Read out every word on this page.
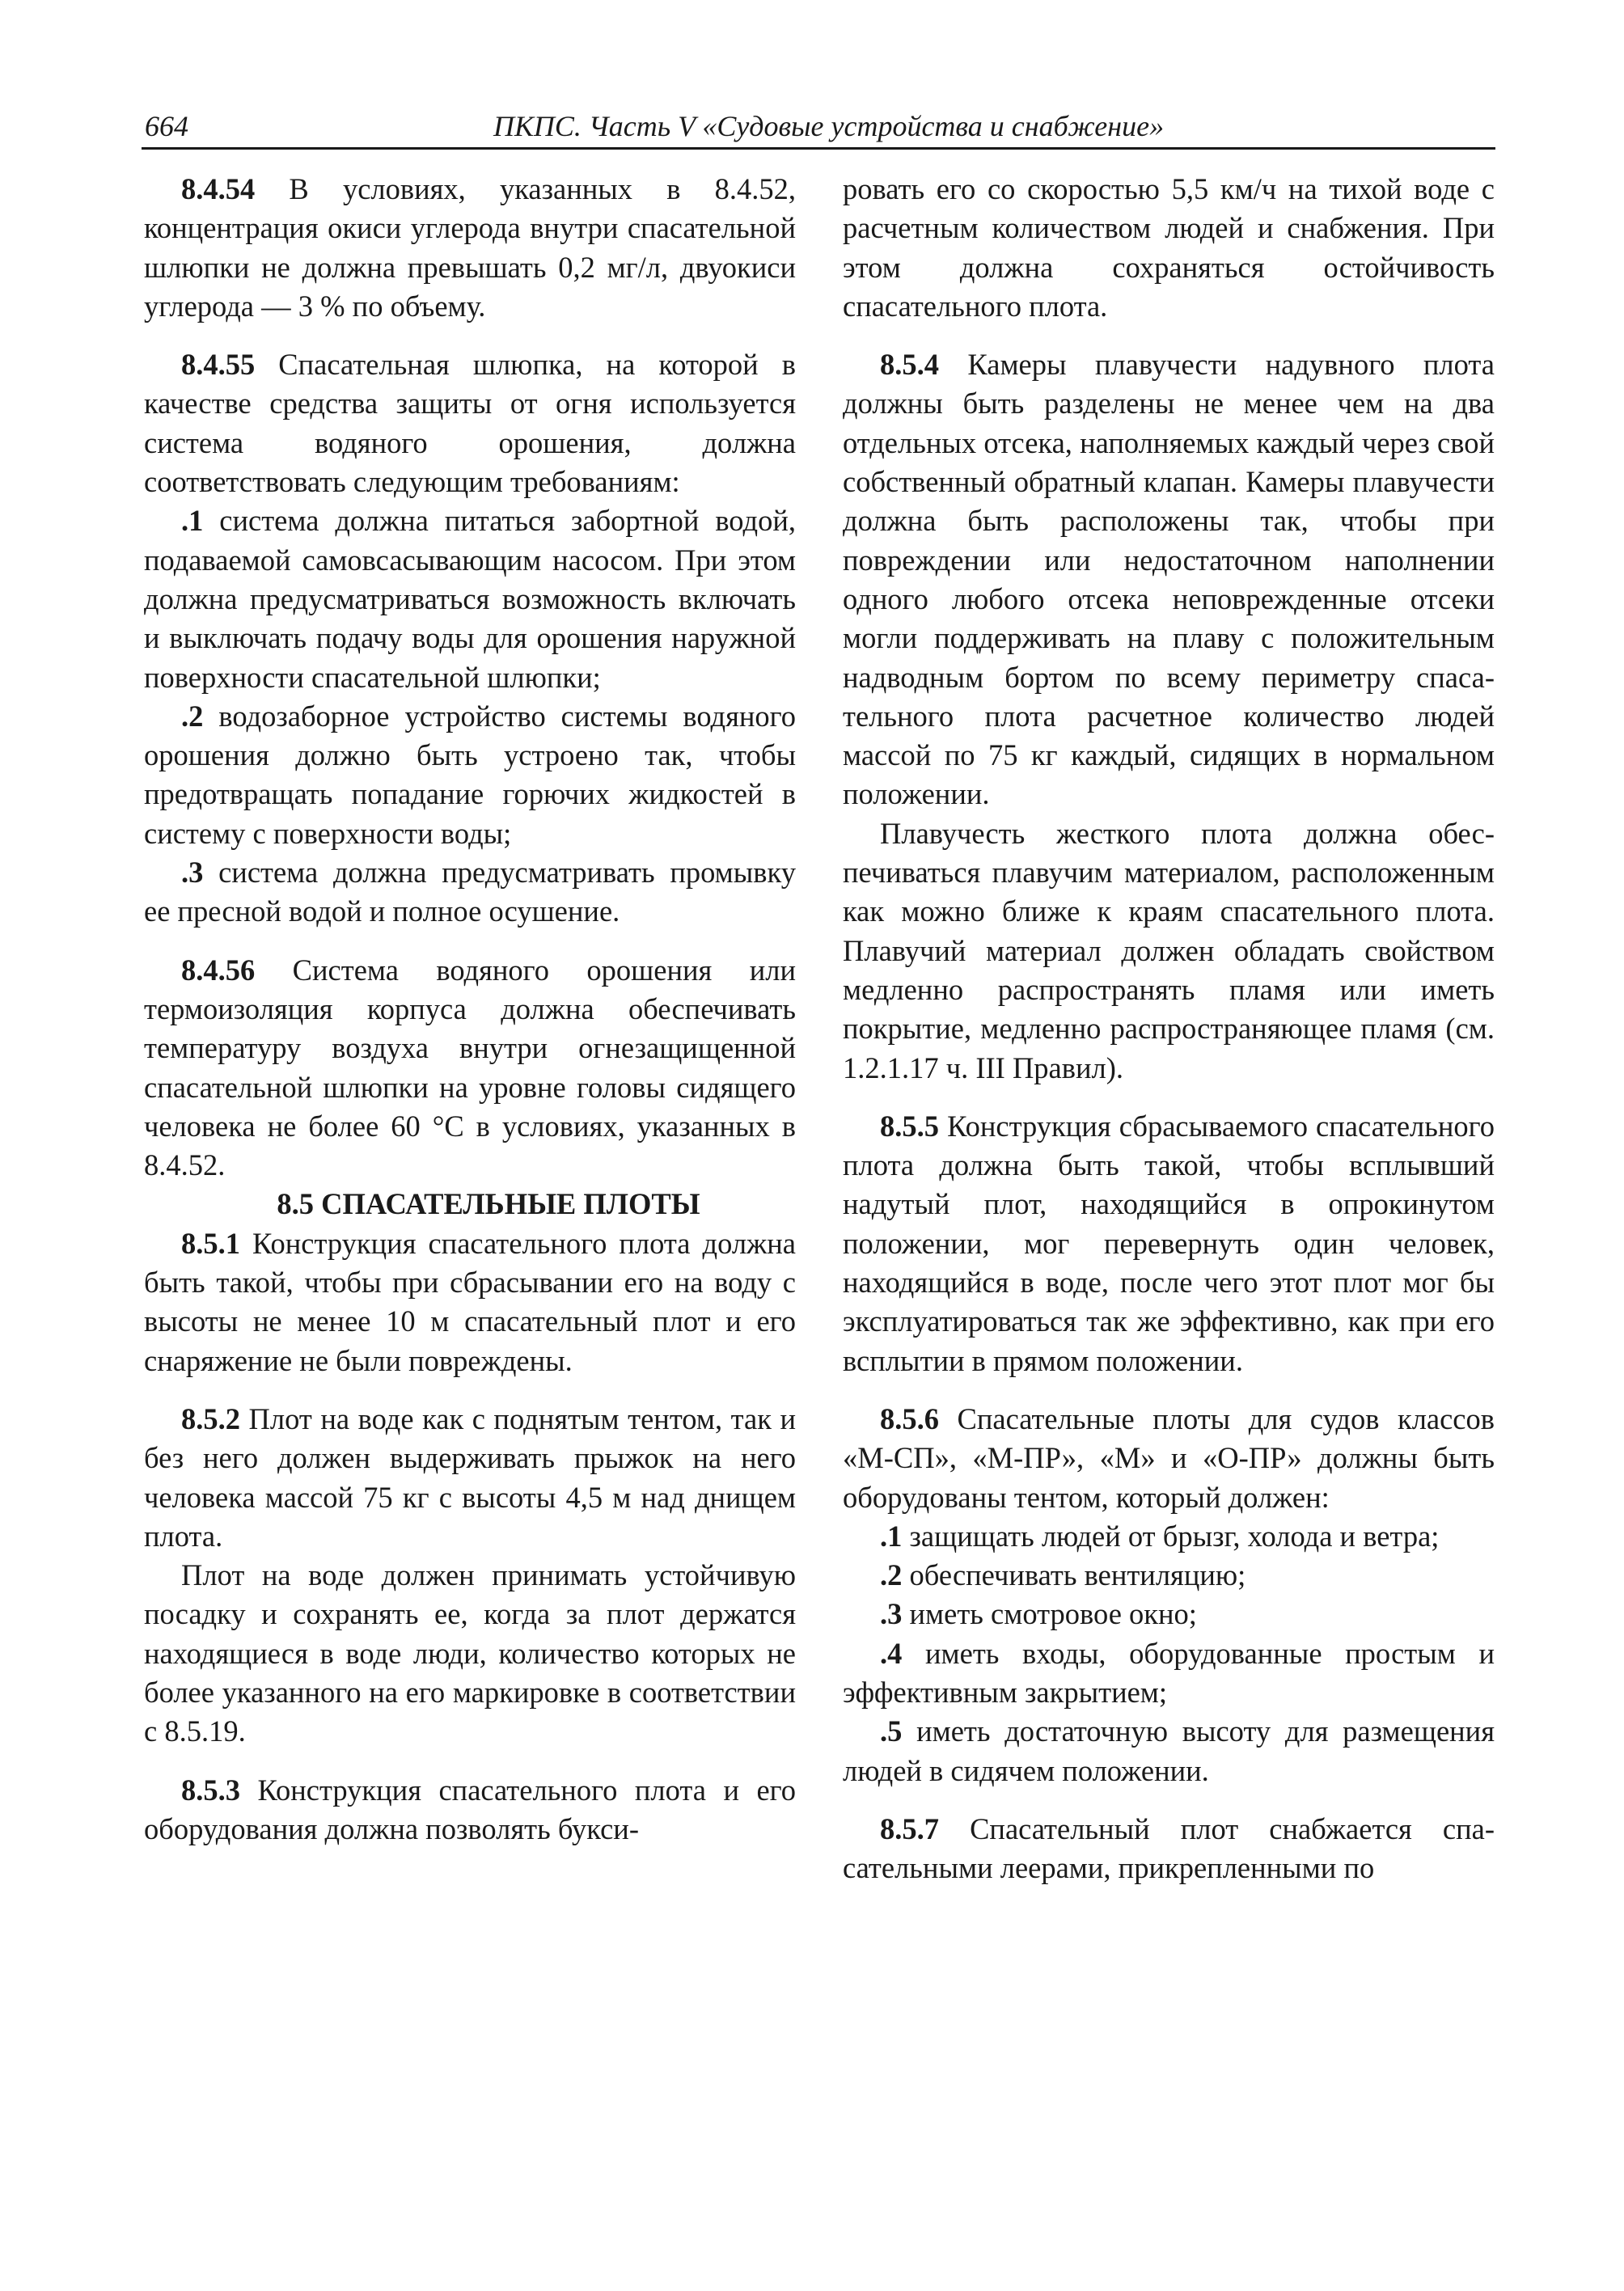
664	ПКПС. Часть V «Судовые устройства и снабжение»

8.4.54 В условиях, указанных в 8.4.52, концентрация окиси углерода внутри спасательной шлюпки не должна превышать 0,2 мг/л, двуокиси углерода — 3 % по объему.

8.4.55 Спасательная шлюпка, на которой в качестве средства защиты от огня используется система водяного орошения, должна соответствовать следующим требованиям:

.1 система должна питаться забортной водой, подаваемой самовсасывающим насосом. При этом должна предусматриваться возможность включать и выключать подачу воды для орошения наружной поверхности спасательной шлюпки;

.2 водозаборное устройство системы водяного орошения должно быть устроено так, чтобы предотвращать попадание горючих жидкостей в систему с поверхности воды;

.3 система должна предусматривать промывку ее пресной водой и полное осушение.

8.4.56 Система водяного орошения или термоизоляция корпуса должна обеспечивать температуру воздуха внутри огнезащищенной спасательной шлюпки на уровне головы сидящего человека не более 60 °C в условиях, указанных в 8.4.52.

8.5 СПАСАТЕЛЬНЫЕ ПЛОТЫ

8.5.1 Конструкция спасательного плота должна быть такой, чтобы при сбрасывании его на воду с высоты не менее 10 м спасательный плот и его снаряжение не были повреждены.

8.5.2 Плот на воде как с поднятым тентом, так и без него должен выдерживать прыжок на него человека массой 75 кг с высоты 4,5 м над днищем плота.

Плот на воде должен принимать устойчивую посадку и сохранять ее, когда за плот держатся находящиеся в воде люди, количество которых не более указанного на его маркировке в соответствии с 8.5.19.

8.5.3 Конструкция спасательного плота и его оборудования должна позволять букси-

ровать его со скоростью 5,5 км/ч на тихой воде с расчетным количеством людей и снабжения. При этом должна сохраняться остойчивость спасательного плота.

8.5.4 Камеры плавучести надувного плота должны быть разделены не менее чем на два отдельных отсека, наполняемых каждый через свой собственный обратный клапан. Камеры плавучести должна быть расположены так, чтобы при повреждении или недостаточном наполнении одного любого отсека неповрежденные отсеки могли поддерживать на плаву с положительным надводным бортом по всему периметру спасательного плота расчетное количество людей массой по 75 кг каждый, сидящих в нормальном положении.

Плавучесть жесткого плота должна обеспечиваться плавучим материалом, расположенным как можно ближе к краям спасательного плота. Плавучий материал должен обладать свойством медленно распространять пламя или иметь покрытие, медленно распространяющее пламя (см. 1.2.1.17 ч. III Правил).

8.5.5 Конструкция сбрасываемого спасательного плота должна быть такой, чтобы всплывший надутый плот, находящийся в опрокинутом положении, мог перевернуть один человек, находящийся в воде, после чего этот плот мог бы эксплуатироваться так же эффективно, как при его всплытии в прямом положении.

8.5.6 Спасательные плоты для судов классов «М-СП», «М-ПР», «М» и «О-ПР» должны быть оборудованы тентом, который должен:

.1 защищать людей от брызг, холода и ветра;

.2 обеспечивать вентиляцию;

.3 иметь смотровое окно;

.4 иметь входы, оборудованные простым и эффективным закрытием;

.5 иметь достаточную высоту для размещения людей в сидячем положении.

8.5.7 Спасательный плот снабжается спасательными леерами, прикрепленными по
